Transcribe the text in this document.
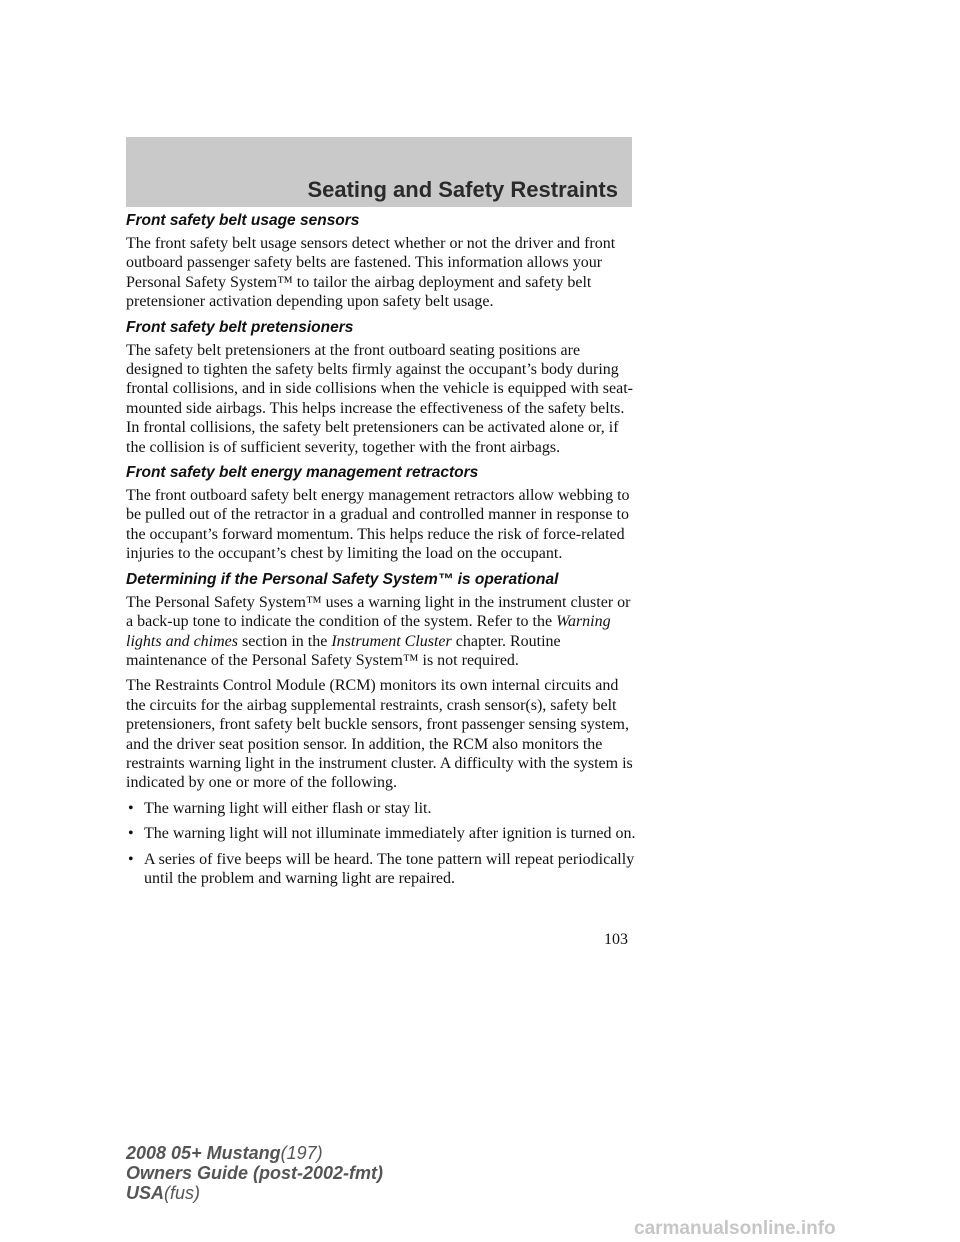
Seating and Safety Restraints
Front safety belt usage sensors

The front safety belt usage sensors detect whether or not the driver and front outboard passenger safety belts are fastened. This information allows your Personal Safety System™ to tailor the airbag deployment and safety belt pretensioner activation depending upon safety belt usage.

Front safety belt pretensioners

The safety belt pretensioners at the front outboard seating positions are designed to tighten the safety belts firmly against the occupant’s body during frontal collisions, and in side collisions when the vehicle is equipped with seat-mounted side airbags. This helps increase the effectiveness of the safety belts. In frontal collisions, the safety belt pretensioners can be activated alone or, if the collision is of sufficient severity, together with the front airbags.

Front safety belt energy management retractors

The front outboard safety belt energy management retractors allow webbing to be pulled out of the retractor in a gradual and controlled manner in response to the occupant’s forward momentum. This helps reduce the risk of force-related injuries to the occupant’s chest by limiting the load on the occupant.

Determining if the Personal Safety System™ is operational

The Personal Safety System™ uses a warning light in the instrument cluster or a back-up tone to indicate the condition of the system. Refer to the Warning lights and chimes section in the Instrument Cluster chapter. Routine maintenance of the Personal Safety System™ is not required.

The Restraints Control Module (RCM) monitors its own internal circuits and the circuits for the airbag supplemental restraints, crash sensor(s), safety belt pretensioners, front safety belt buckle sensors, front passenger sensing system, and the driver seat position sensor. In addition, the RCM also monitors the restraints warning light in the instrument cluster. A difficulty with the system is indicated by one or more of the following.

• The warning light will either flash or stay lit.
• The warning light will not illuminate immediately after ignition is turned on.
• A series of five beeps will be heard. The tone pattern will repeat periodically until the problem and warning light are repaired.
103
2008 05+ Mustang(197)
Owners Guide (post-2002-fmt)
USA(fus)
carmanualsonline.info
